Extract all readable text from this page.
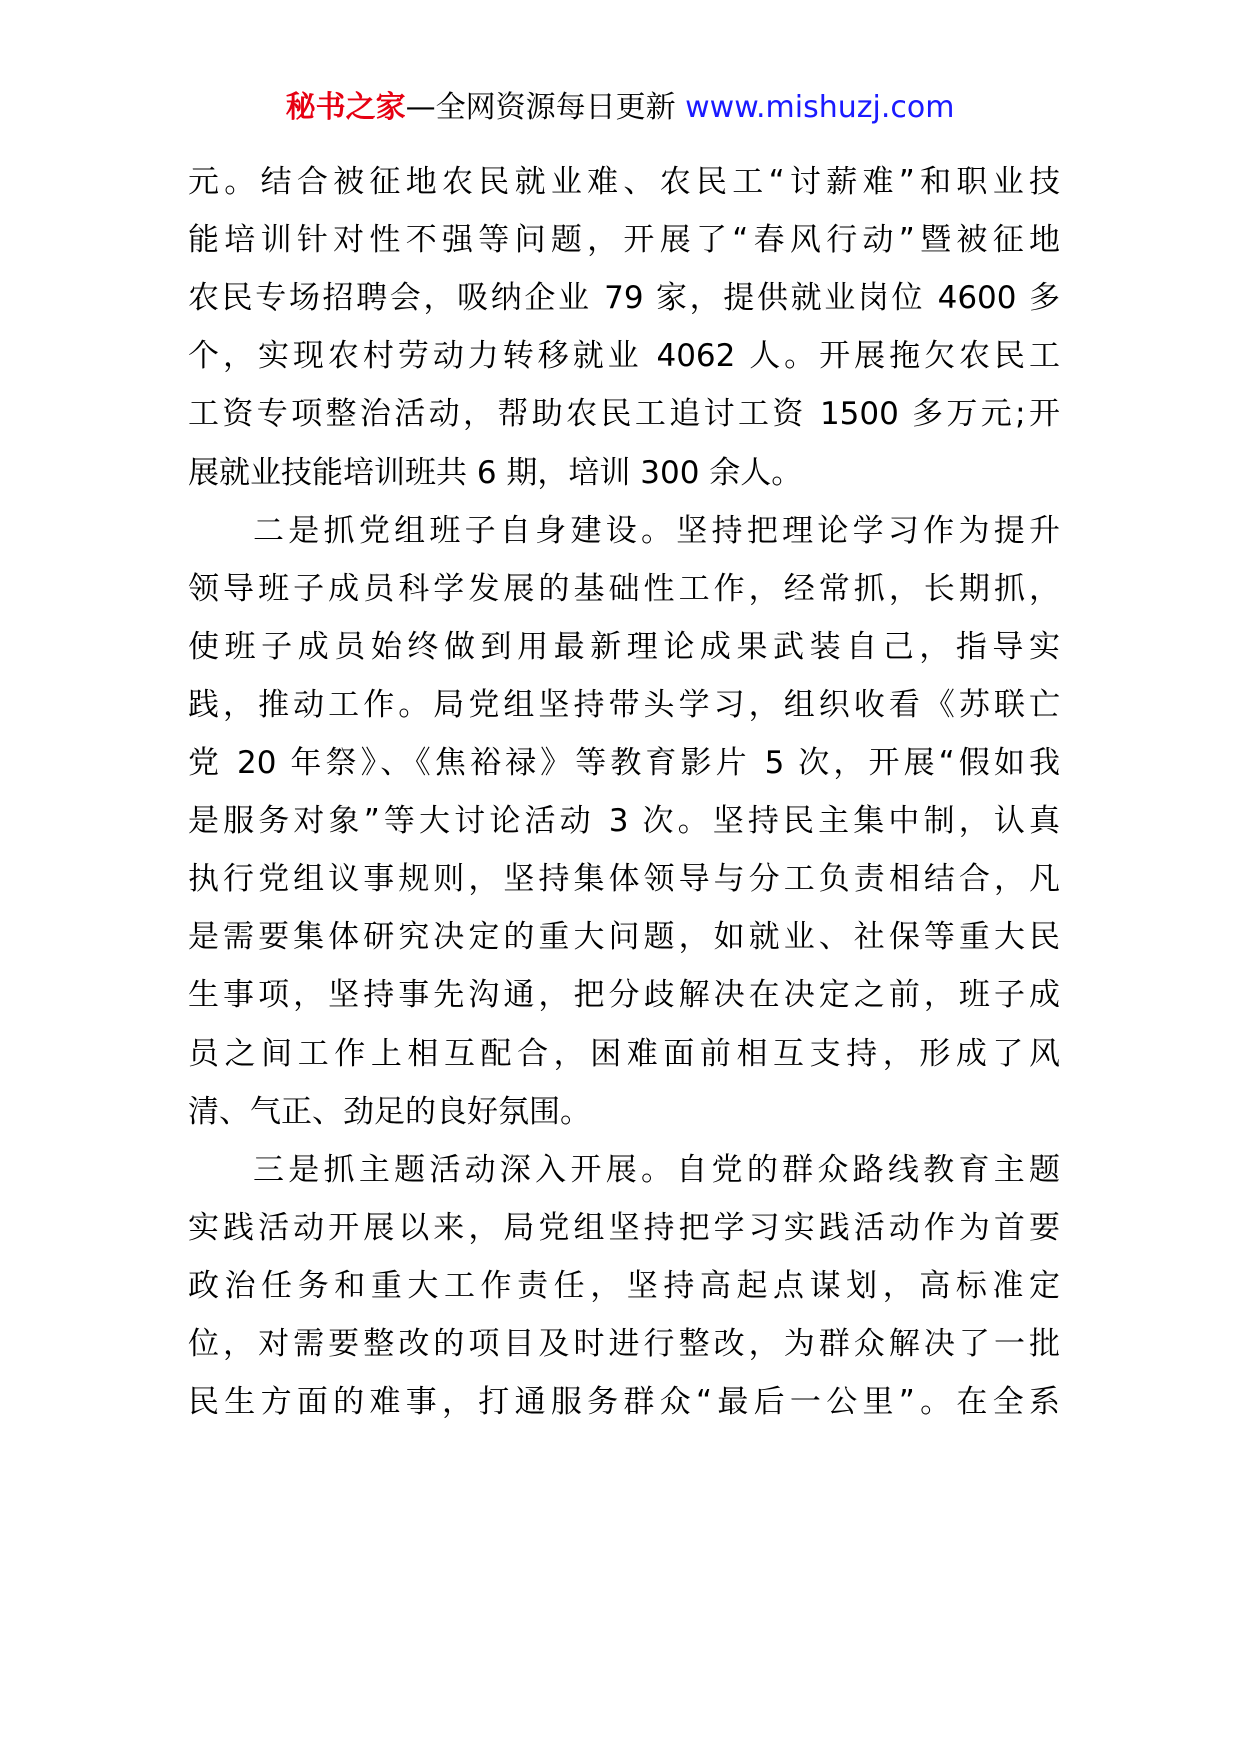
秘书之家—全网资源每日更新 www.mishuzj.com
元。结合被征地农民就业难、农民工“讨薪难”和职业技
能培训针对性不强等问题，开展了“春风行动”暨被征地
农民专场招聘会，吸纳企业 79 家，提供就业岗位 4600 多
个，实现农村劳动力转移就业 4062 人。开展拖欠农民工
工资专项整治活动，帮助农民工追讨工资 1500 多万元;开
展就业技能培训班共 6 期，培训 300 余人。
二是抓党组班子自身建设。坚持把理论学习作为提升
领导班子成员科学发展的基础性工作，经常抓，长期抓，
使班子成员始终做到用最新理论成果武装自己，指导实
践，推动工作。局党组坚持带头学习，组织收看《苏联亡
党 20 年祭》、《焦裕禄》等教育影片 5 次，开展“假如我
是服务对象”等大讨论活动 3 次。坚持民主集中制，认真
执行党组议事规则，坚持集体领导与分工负责相结合，凡
是需要集体研究决定的重大问题，如就业、社保等重大民
生事项，坚持事先沟通，把分歧解决在决定之前，班子成
员之间工作上相互配合，困难面前相互支持，形成了风
清、气正、劲足的良好氛围。
三是抓主题活动深入开展。自党的群众路线教育主题
实践活动开展以来，局党组坚持把学习实践活动作为首要
政治任务和重大工作责任，坚持高起点谋划，高标准定
位，对需要整改的项目及时进行整改，为群众解决了一批
民生方面的难事，打通服务群众“最后一公里”。在全系
